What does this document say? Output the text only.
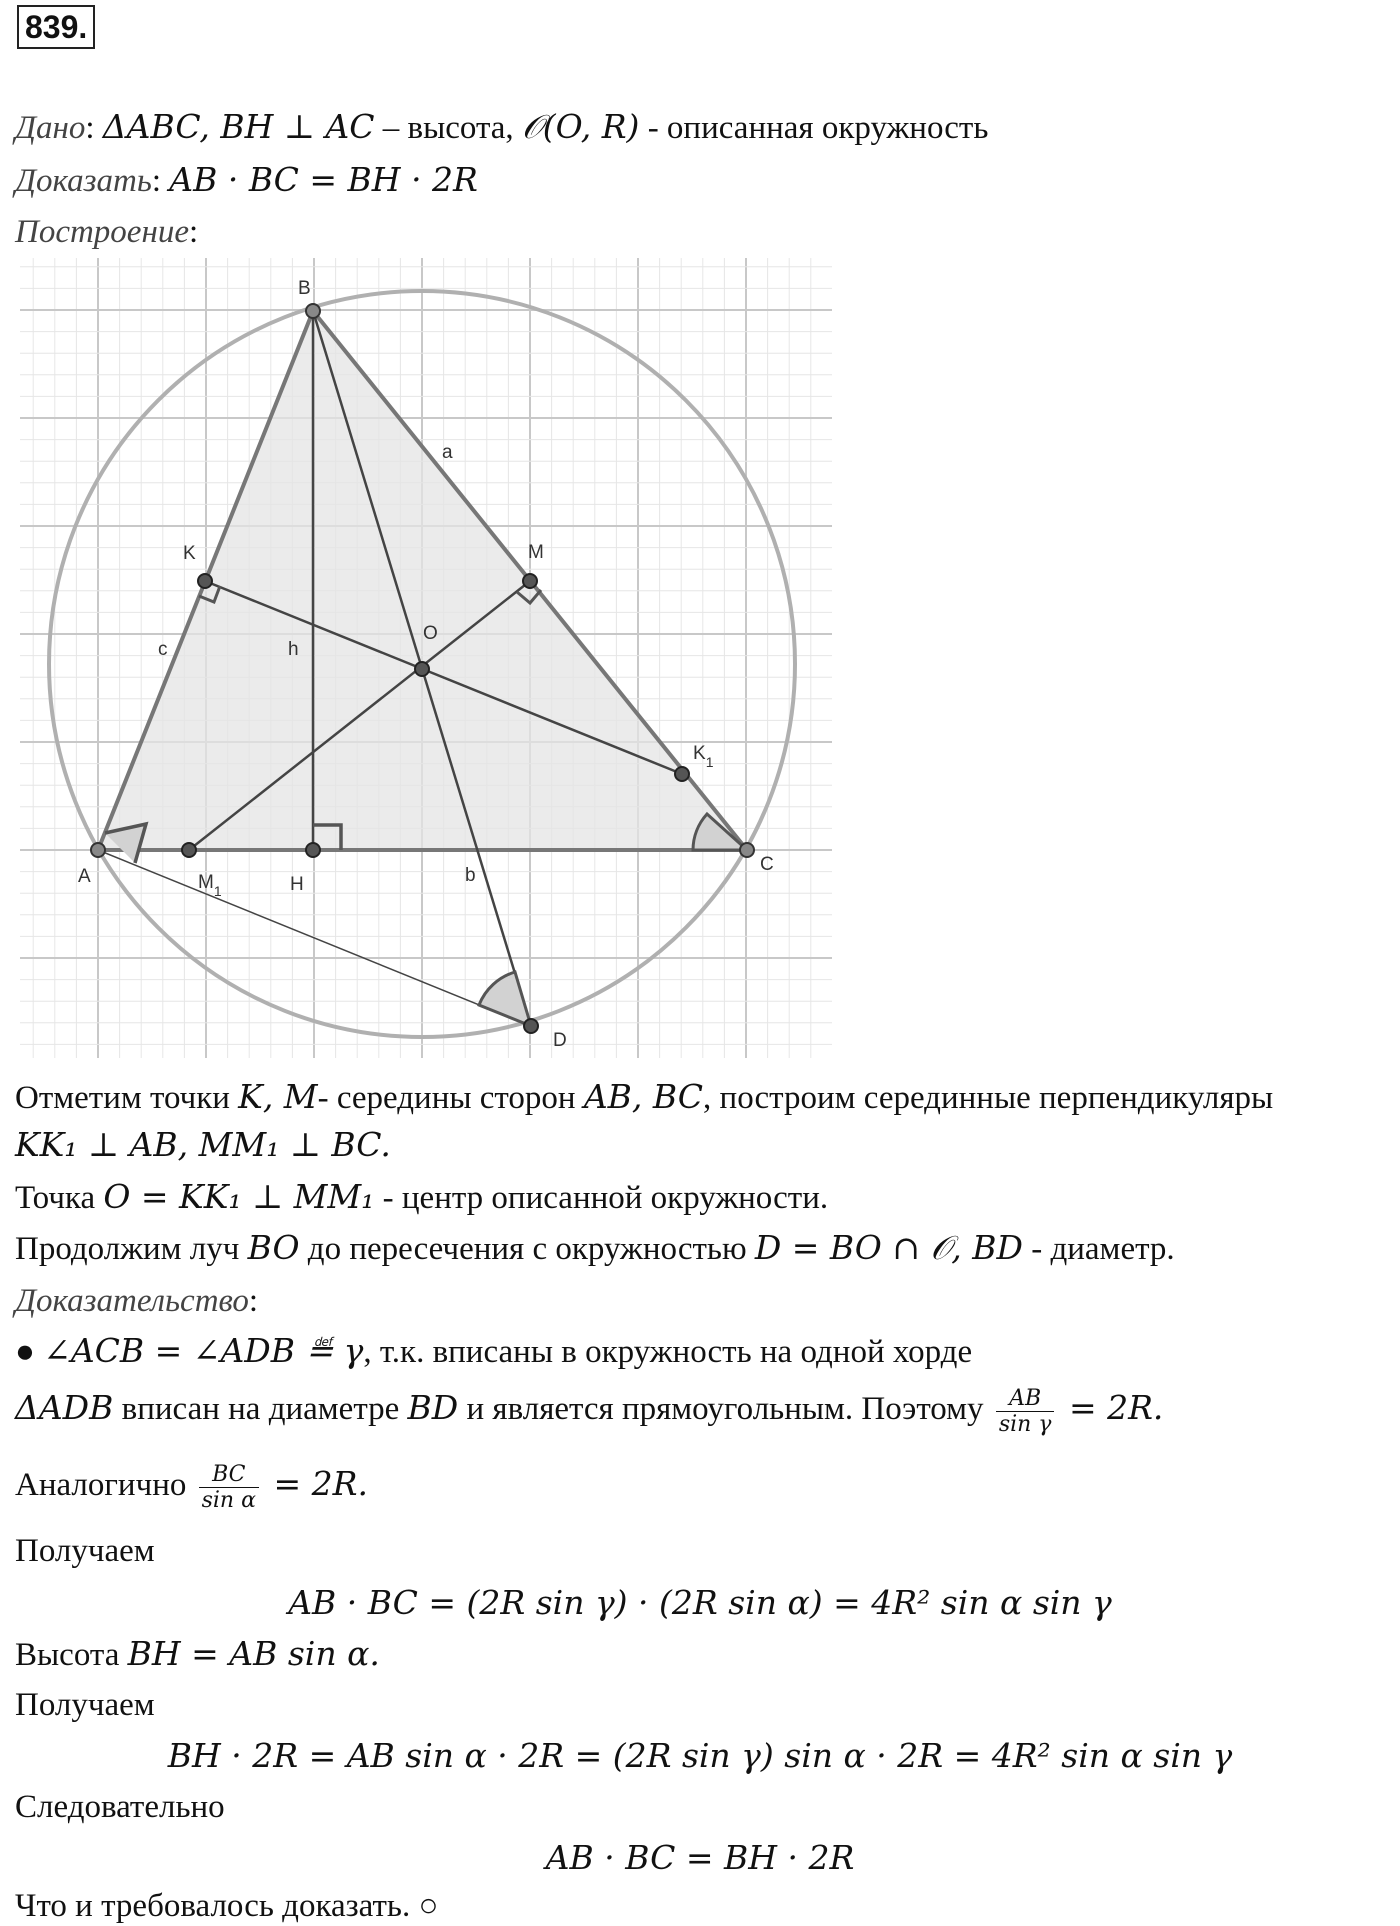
839.
Дано: ΔABC, BH ⊥ AC – высота, 𝒪(O, R) - описанная окружность
Доказать: AB · BC = BH · 2R
Построение:
B
A
C
D
H
O
K	M
$K_1$
$M_1$
a
b
c	h
Отметим точки K, M- середины сторон AB, BC, построим серединные перпендикуляры
KK₁ ⊥ AB, MM₁ ⊥ BC.
Точка O = KK₁ ⊥ MM₁ - центр описанной окружности.
Продолжим луч BO до пересечения с окружностью D = BO ∩ 𝒪, BD - диаметр.
Доказательство:
● ∠ACB = ∠ADB ≝ γ, т.к. вписаны в окружность на одной хорде
ΔADB вписан на диаметре BD и является прямоугольным. Поэтому $\frac{AB}{\text{sin γ}} = 2R$.
Аналогично $\frac{BC}{\text{sin α}} = 2R$.
Получаем
AB · BC = (2R sin γ) · (2R sin α) = 4R² sin α sin γ
Высота BH = AB sin α.
Получаем
BH · 2R = AB sin α · 2R = (2R sin γ) sin α · 2R = 4R² sin α sin γ
Следовательно
AB · BC = BH · 2R
Что и требовалось доказать. ○
